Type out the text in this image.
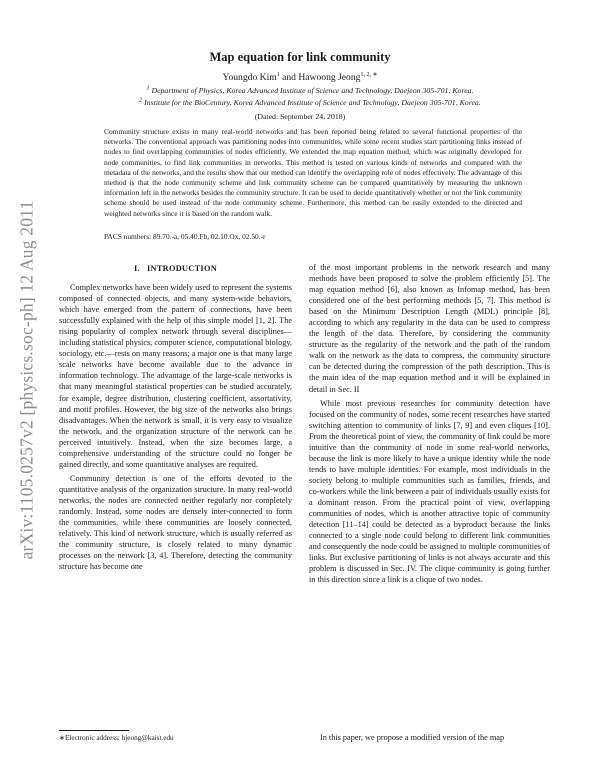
arXiv:1105.0257v2 [physics.soc-ph] 12 Aug 2011
Map equation for link community
Youngdo Kim$^1$ and Hawoong Jeong$^{1, 2, ∗}$
$^1$ Department of Physics, Korea Advanced Institute of Science and Technology, Daejeon 305-701, Korea.
$^2$ Institute for the BioCentury, Korea Advanced Institute of Science and Technology, Daejeon 305-701, Korea.
(Dated: September 24, 2018)
Community structure exists in many real-world networks and has been reported being related to several functional properties of the networks. The conventional approach was partitioning nodes into communities, while some recent studies start partitioning links instead of nodes to find overlapping communities of nodes efficiently. We extended the map equation method, which was originally developed for node communities, to find link communities in networks. This method is tested on various kinds of networks and compared with the metadata of the networks, and the results show that our method can identify the overlapping role of nodes effectively. The advantage of this method is that the node community scheme and link community scheme can be compared quantitatively by measuring the unknown information left in the networks besides the community structure. It can be used to decide quantitatively whether or not the link community scheme should be used instead of the node community scheme. Furthermore, this method can be easily extended to the directed and weighted networks since it is based on the random walk.
PACS numbers: 89.70.-a, 05.40.Fb, 02.10.Ox, 02.50.-r
I. INTRODUCTION

Complex networks have been widely used to represent the systems composed of connected objects, and many system-wide behaviors, which have emerged from the pattern of connections, have been successfully explained with the help of this simple model [1, 2]. The rising popularity of complex network through several disciplines—including statistical physics, computer science, computational biology, sociology, etc.—rests on many reasons; a major one is that many large scale networks have become available due to the advance in information technology. The advantage of the large-scale networks is that many meaningful statistical properties can be studied accurately, for example, degree distribution, clustering coefficient, assortativity, and motif profiles. However, the big size of the networks also brings disadvantages. When the network is small, it is very easy to visualize the network, and the organization structure of the network can be perceived intuitively. Instead, when the size becomes large, a comprehensive understanding of the structure could no longer be gained directly, and some quantitative analyses are required.

Community detection is one of the efforts devoted to the quantitative analysis of the organization structure. In many real-world networks, the nodes are connected neither regularly nor completely randomly. Instead, some nodes are densely inter-connected to form the communities, while these communities are loosely connected, relatively. This kind of network structure, which is usually referred as the community structure, is closely related to many dynamic processes on the network [3, 4]. Therefore, detecting the community structure has become one

of the most important problems in the network research and many methods have been proposed to solve the problem efficiently [5]. The map equation method [6], also known as Infomap method, has been considered one of the best performing methods [5, 7]. This method is based on the Minimum Description Length (MDL) principle [8], according to which any regularity in the data can be used to compress the length of the data. Therefore, by considering the community structure as the regularity of the network and the path of the random walk on the network as the data to compress, the community structure can be detected during the compression of the path description. This is the main idea of the map equation method and it will be explained in detail in Sec. II

While most previous researches for community detection have focused on the community of nodes, some recent researches have started switching attention to community of links [7, 9] and even cliques [10]. From the theoretical point of view, the community of link could be more intuitive than the community of node in some real-world networks, because the link is more likely to have a unique identity while the node tends to have multiple identities. For example, most individuals in the society belong to multiple communities such as families, friends, and co-workers while the link between a pair of individuals usually exists for a dominant reason. From the practical point of view, overlapping communities of nodes, which is another attractive topic of community detection [11–14] could be detected as a byproduct because the links connected to a single node could belong to different link communities and consequently the node could be assigned to multiple communities of links. But exclusive partitioning of links is not always accurate and this problem is discussed in Sec. IV. The clique community is going further in this direction since a link is a clique of two nodes.

In this paper, we propose a modified version of the map
∗Electronic address: hjeong@kaist.edu
